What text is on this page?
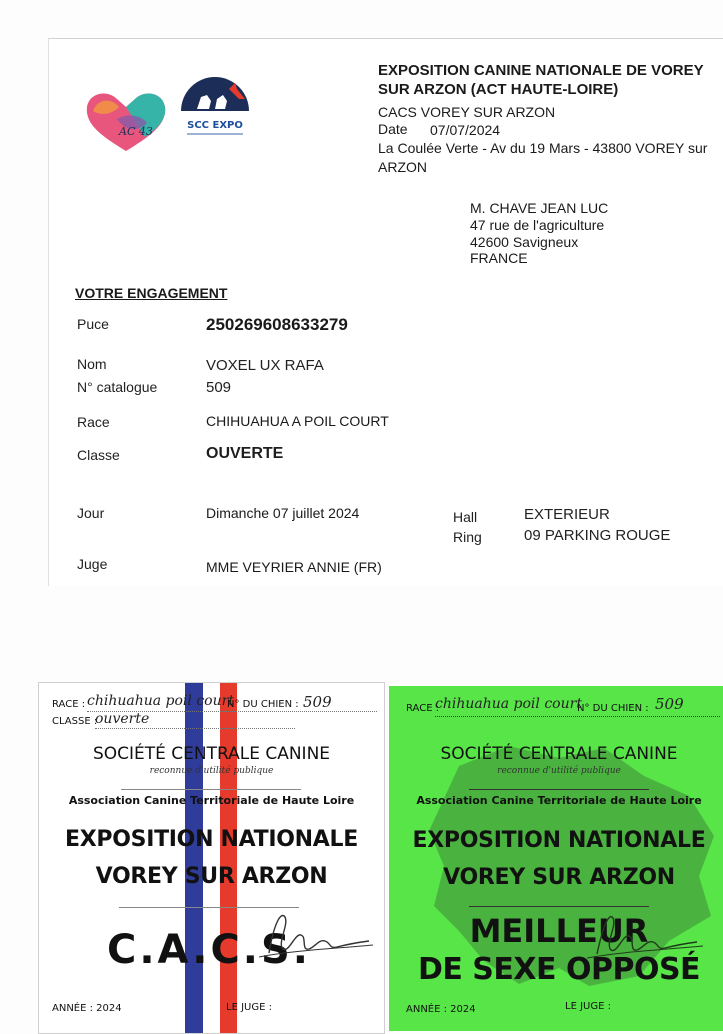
AC 43	SCC EXPO
EXPOSITION CANINE NATIONALE DE VOREY
SUR ARZON (ACT HAUTE-LOIRE)
CACS VOREY SUR ARZON
Date 07/07/2024
La Coulée Verte - Av du 19 Mars - 43800 VOREY sur
ARZON
M. CHAVE JEAN LUC
47 rue de l'agriculture
42600 Savigneux
FRANCE
VOTRE ENGAGEMENT
Puce	250269608633279
Nom	VOXEL UX RAFA
N° catalogue	509
Race	CHIHUAHUA A POIL COURT
Classe	OUVERTE
Jour	Dimanche 07 juillet 2024	Hall	EXTERIEUR
Ring	09 PARKING ROUGE
Juge	MME VEYRIER ANNIE (FR)
RACE : chihuahua poil court
N° DU CHIEN : 509
CLASSE :
ouverte
SOCIÉTÉ CENTRALE CANINE
reconnue d'utilité publique
Association Canine Territoriale de Haute Loire
EXPOSITION NATIONALE
VOREY SUR ARZON
C.A.C.S.
ANNÉE : 2024	LE JUGE :
RACE :
chihuahua poil court
N° DU CHIEN : 509
SOCIÉTÉ CENTRALE CANINE
reconnue d'utilité publique
Association Canine Territoriale de Haute Loire
EXPOSITION NATIONALE
VOREY SUR ARZON
MEILLEUR
DE SEXE OPPOSÉ
ANNÉE : 2024	LE JUGE :
